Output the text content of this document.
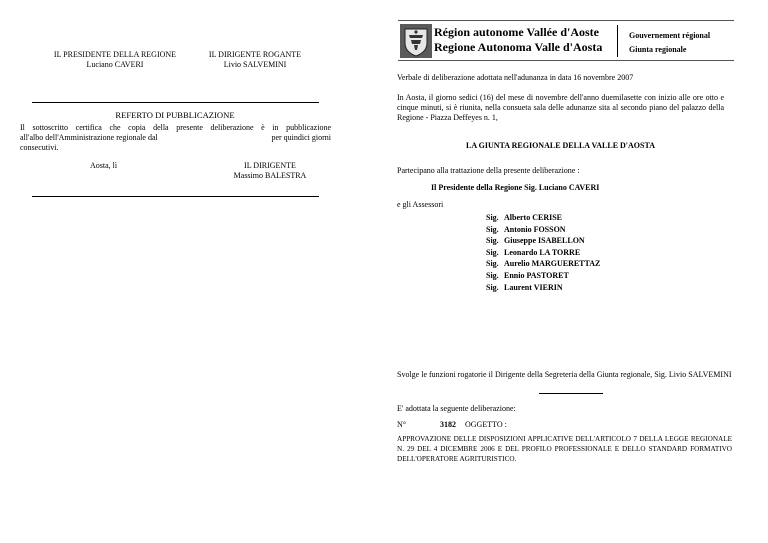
IL PRESIDENTE DELLA REGIONE
Luciano CAVERI
IL DIRIGENTE ROGANTE
Livio SALVEMINI
REFERTO DI PUBBLICAZIONE
Il sottoscritto certifica che copia della presente deliberazione è in pubblicazione
all'albo dell'Amministrazione regionale dal	per quindici giorni
consecutivi.
Aosta, lì	IL DIRIGENTE
Massimo BALESTRA
Région autonome Vallée d'Aoste
Regione Autonoma Valle d'Aosta
Gouvernement régional
Giunta regionale
Verbale di deliberazione adottata nell'adunanza in data 16 novembre 2007
In Aosta, il giorno sedici (16) del mese di novembre dell'anno duemilasette con inizio alle ore otto e cinque minuti, si è riunita, nella consueta sala delle adunanze sita al secondo piano del palazzo della Regione - Piazza Deffeyes n. 1,
LA GIUNTA REGIONALE DELLA VALLE D'AOSTA
Partecipano alla trattazione della presente deliberazione :
Il Presidente della Regione Sig. Luciano CAVERI
e gli Assessori
Sig. Alberto CERISE
Sig. Antonio FOSSON
Sig. Giuseppe ISABELLON
Sig. Leonardo LA TORRE
Sig. Aurelio MARGUERETTAZ
Sig. Ennio PASTORET
Sig. Laurent VIERIN
Svolge le funzioni rogatorie il Dirigente della Segreteria della Giunta regionale, Sig. Livio SALVEMINI
E' adottata la seguente deliberazione:
N°	3182 OGGETTO :
APPROVAZIONE DELLE DISPOSIZIONI APPLICATIVE DELL'ARTICOLO 7 DELLA LEGGE REGIONALE N. 29 DEL 4 DICEMBRE 2006 E DEL PROFILO PROFESSIONALE E DELLO STANDARD FORMATIVO DELL'OPERATORE AGRITURISTICO.
